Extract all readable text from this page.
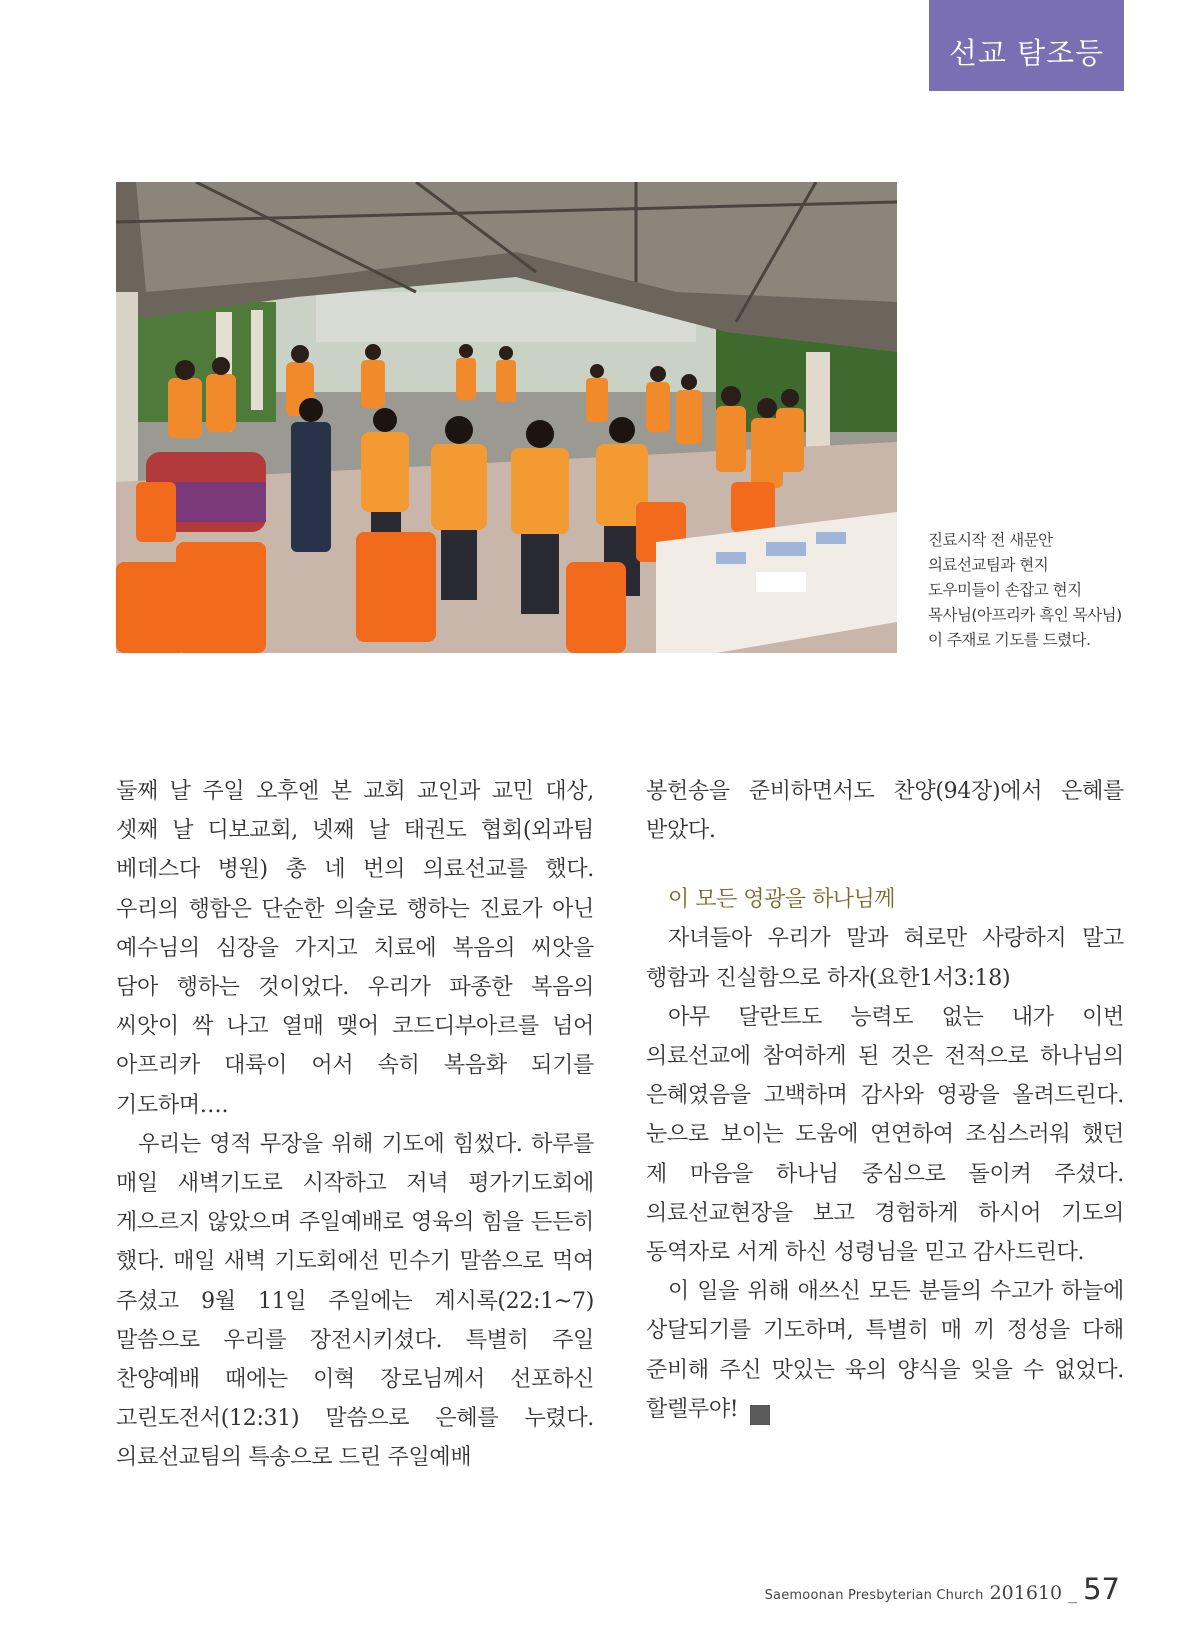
선교 탐조등
진료시작 전 새문안 의료선교팀과 현지 도우미들이 손잡고 현지 목사님(아프리카 흑인 목사님)이 주재로 기도를 드렸다.

둘째 날 주일 오후엔 본 교회 교인과 교민 대상, 셋째 날 디보교회, 넷째 날 태권도 협회(외과팀 베데스다 병원) 총 네 번의 의료선교를 했다. 우리의 행함은 단순한 의술로 행하는 진료가 아닌 예수님의 심장을 가지고 치료에 복음의 씨앗을 담아 행하는 것이었다. 우리가 파종한 복음의 씨앗이 싹 나고 열매 맺어 코드디부아르를 넘어 아프리카 대륙이 어서 속히 복음화 되기를 기도하며….

우리는 영적 무장을 위해 기도에 힘썼다. 하루를 매일 새벽기도로 시작하고 저녁 평가기도회에 게으르지 않았으며 주일예배로 영육의 힘을 든든히 했다. 매일 새벽 기도회에선 민수기 말씀으로 먹여 주셨고 9월 11일 주일에는 계시록(22:1~7)말씀으로 우리를 장전시키셨다. 특별히 주일 찬양예배 때에는 이혁 장로님께서 선포하신 고린도전서(12:31) 말씀으로 은혜를 누렸다. 의료선교팀의 특송으로 드린 주일예배

봉헌송을 준비하면서도 찬양(94장)에서 은혜를 받았다.

이 모든 영광을 하나님께

자녀들아 우리가 말과 혀로만 사랑하지 말고 행함과 진실함으로 하자(요한1서3:18)

아무 달란트도 능력도 없는 내가 이번 의료선교에 참여하게 된 것은 전적으로 하나님의 은혜였음을 고백하며 감사와 영광을 올려드린다. 눈으로 보이는 도움에 연연하여 조심스러워 했던 제 마음을 하나님 중심으로 돌이켜 주셨다. 의료선교현장을 보고 경험하게 하시어 기도의 동역자로 서게 하신 성령님을 믿고 감사드린다.

이 일을 위해 애쓰신 모든 분들의 수고가 하늘에 상달되기를 기도하며, 특별히 매 끼 정성을 다해 준비해 주신 맛있는 육의 양식을 잊을 수 없었다. 할렐루야!	새

Saemoonan Presbyterian Church 201610 _ 57
